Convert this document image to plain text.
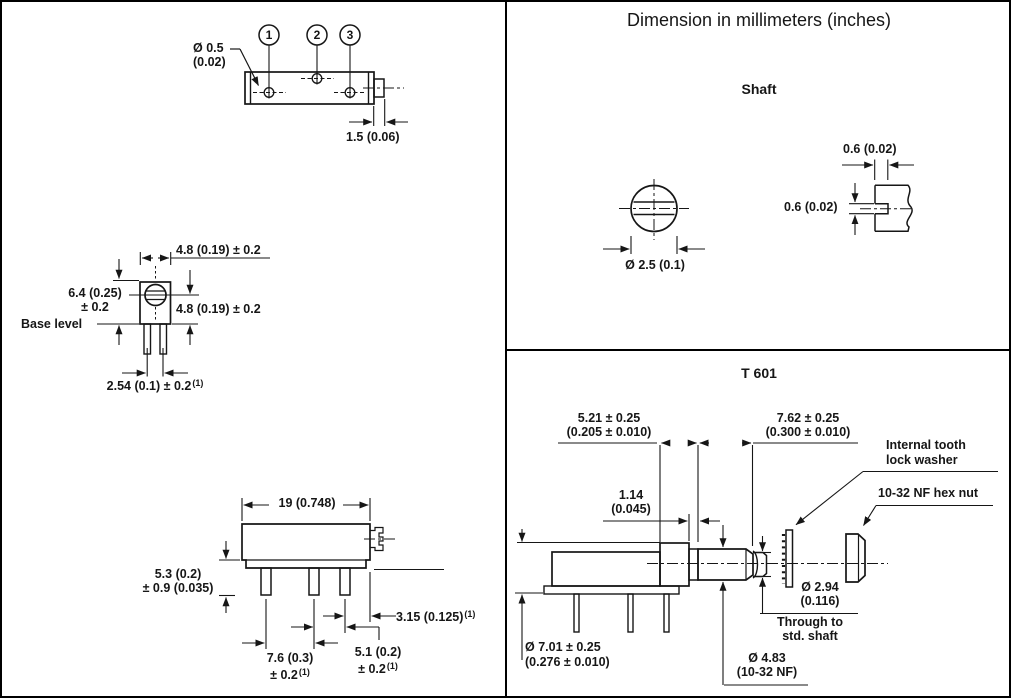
Ø 0.5
(0.02)
1	2	3
1.5 (0.06)
4.8 (0.19) ± 0.2
6.4 (0.25)
± 0.2	4.8 (0.19) ± 0.2
Base level
2.54 (0.1) ± 0.2$^{(1)}$
19 (0.748)
5.3 (0.2)
± 0.9 (0.035)
3.15 (0.125)$^{(1)}$
7.6 (0.3)
± 0.2$^{(1)}$
5.1 (0.2)
± 0.2$^{(1)}$
Dimension in millimeters (inches)
Shaft
0.6 (0.02)
0.6 (0.02)
Ø 2.5 (0.1)
T 601
5.21 ± 0.25
(0.205 ± 0.010)
7.62 ± 0.25
(0.300 ± 0.010)
Internal tooth
lock washer
10-32 NF hex nut
1.14
(0.045)
Ø 2.94
(0.116)
Through to
std. shaft
Ø 7.01 ± 0.25
(0.276 ± 0.010)	Ø 4.83
(10-32 NF)
